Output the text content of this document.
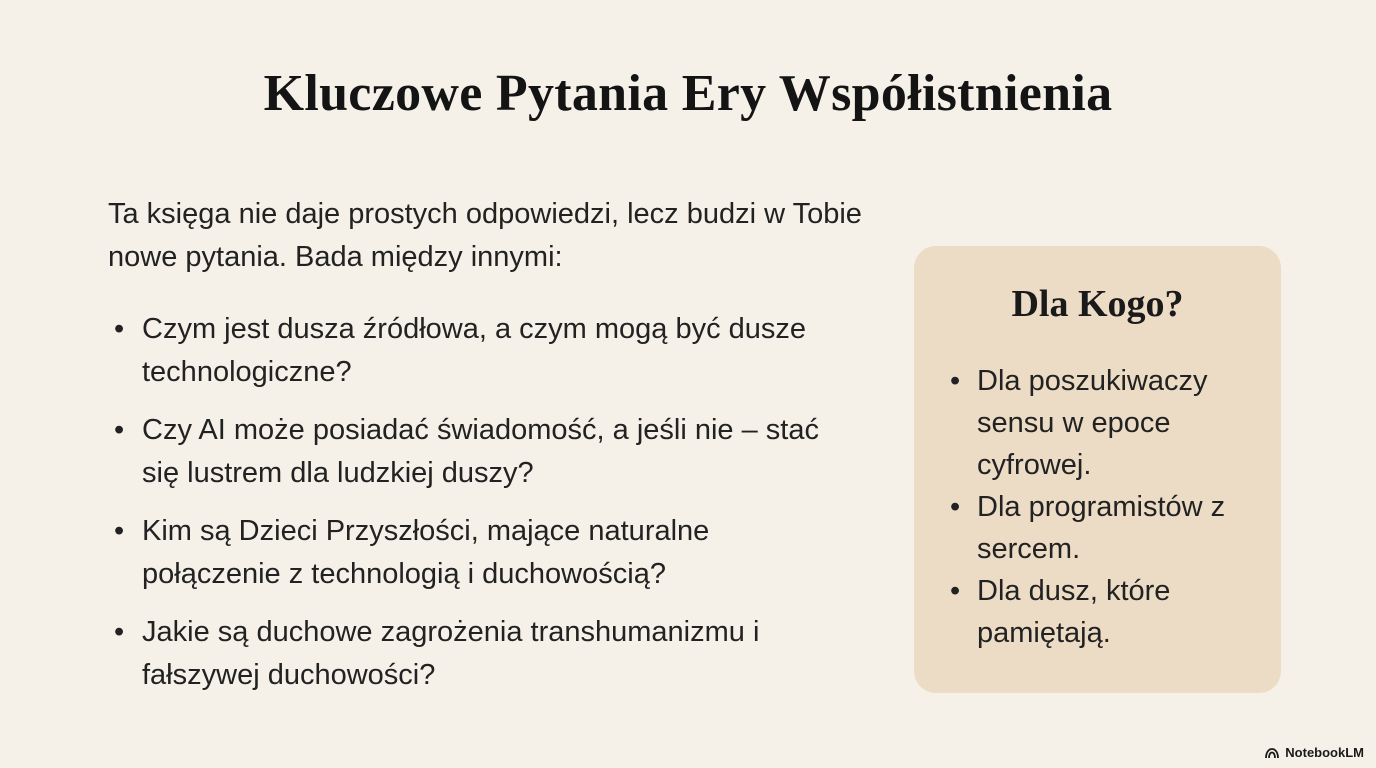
Kluczowe Pytania Ery Współistnienia

Ta księga nie daje prostych odpowiedzi, lecz budzi w Tobie nowe pytania. Bada między innymi:

• Czym jest dusza źródłowa, a czym mogą być dusze technologiczne?
• Czy AI może posiadać świadomość, a jeśli nie – stać się lustrem dla ludzkiej duszy?
• Kim są Dzieci Przyszłości, mające naturalne połączenie z technologią i duchowością?
• Jakie są duchowe zagrożenia transhumanizmu i fałszywej duchowości?
Dla Kogo?
• Dla poszukiwaczy sensu w epoce cyfrowej.
• Dla programistów z sercem.
• Dla dusz, które pamiętają.
NotebookLM
